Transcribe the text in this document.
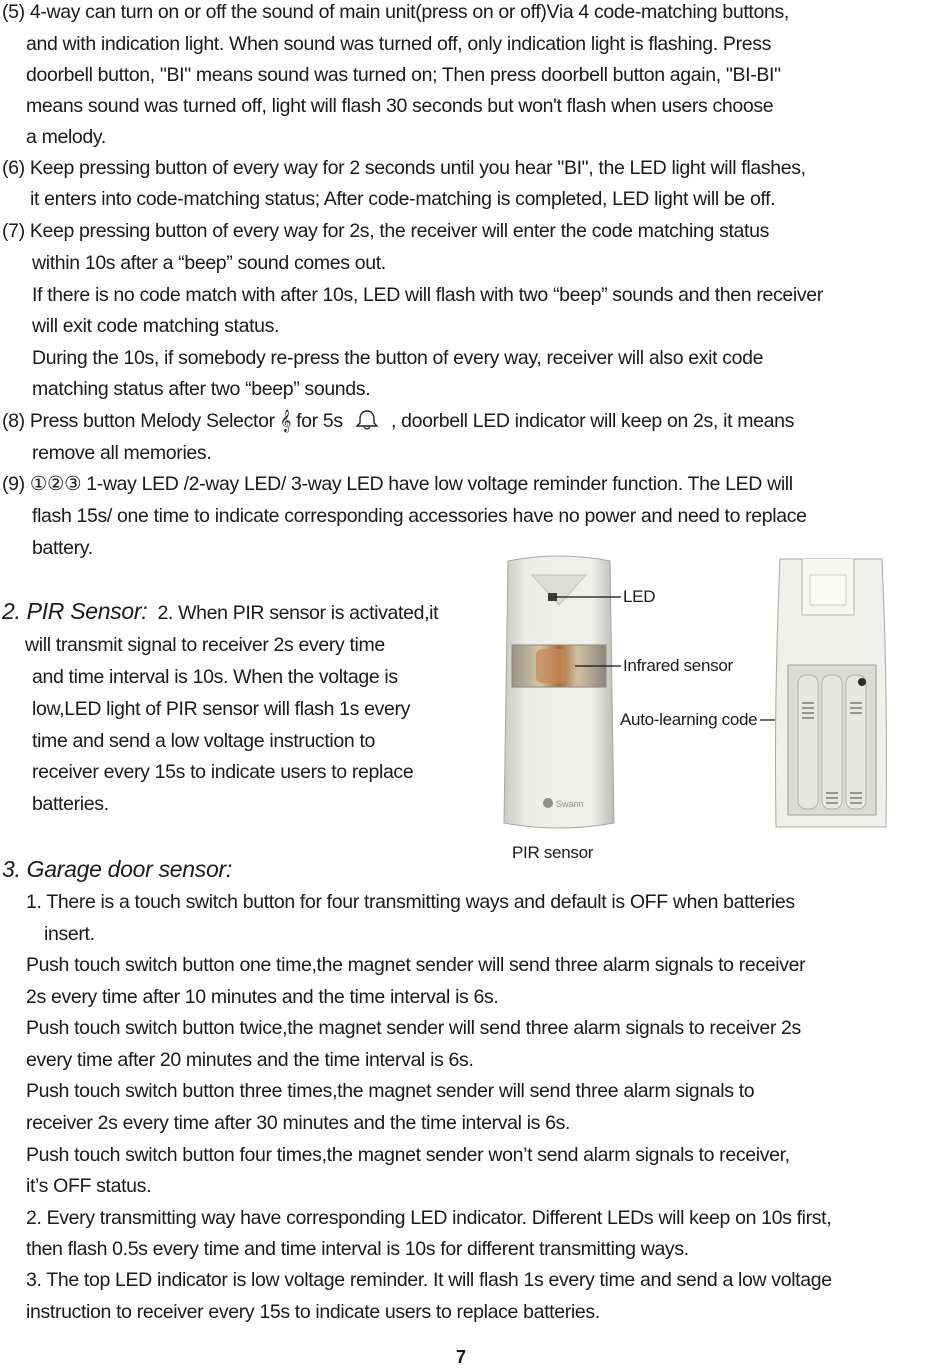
(5) 4-way can turn on or off the sound of main unit(press on or off)Via 4 code-matching buttons,
and with indication light. When sound was turned off, only indication light is flashing. Press
doorbell button, "BI" means sound was turned on; Then press doorbell button again, "BI-BI"
means sound was turned off, light will flash 30 seconds but won't flash when users choose
a melody.
(6) Keep pressing button of every way for 2 seconds until you hear "BI", the LED light will flashes,
it enters into code-matching status; After code-matching is completed, LED light will be off.
(7) Keep pressing button of every way for 2s, the receiver will enter the code matching status
within 10s after a “beep” sound comes out.
If there is no code match with after 10s, LED will flash with two “beep” sounds and then receiver
will exit code matching status.
During the 10s, if somebody re-press the button of every way, receiver will also exit code
matching status after two “beep” sounds.
(8) Press button Melody Selector 𝄞 for 5s , doorbell LED indicator will keep on 2s, it means
remove all memories.
(9) ①②③ 1-way LED /2-way LED/ 3-way LED have low voltage reminder function. The LED will
flash 15s/ one time to indicate corresponding accessories have no power and need to replace
battery.
2. PIR Sensor: 2. When PIR sensor is activated,it
will transmit signal to receiver 2s every time
and time interval is 10s. When the voltage is
low,LED light of PIR sensor will flash 1s every
time and send a low voltage instruction to
receiver every 15s to indicate users to replace
batteries.	Swann
LED
Infrared sensor
Auto-learning code
PIR sensor
3. Garage door sensor:
1. There is a touch switch button for four transmitting ways and default is OFF when batteries
insert.
Push touch switch button one time,the magnet sender will send three alarm signals to receiver
2s every time after 10 minutes and the time interval is 6s.
Push touch switch button twice,the magnet sender will send three alarm signals to receiver 2s
every time after 20 minutes and the time interval is 6s.
Push touch switch button three times,the magnet sender will send three alarm signals to
receiver 2s every time after 30 minutes and the time interval is 6s.
Push touch switch button four times,the magnet sender won’t send alarm signals to receiver,
it’s OFF status.
2. Every transmitting way have corresponding LED indicator. Different LEDs will keep on 10s first,
then flash 0.5s every time and time interval is 10s for different transmitting ways.
3. The top LED indicator is low voltage reminder. It will flash 1s every time and send a low voltage
instruction to receiver every 15s to indicate users to replace batteries.
7
